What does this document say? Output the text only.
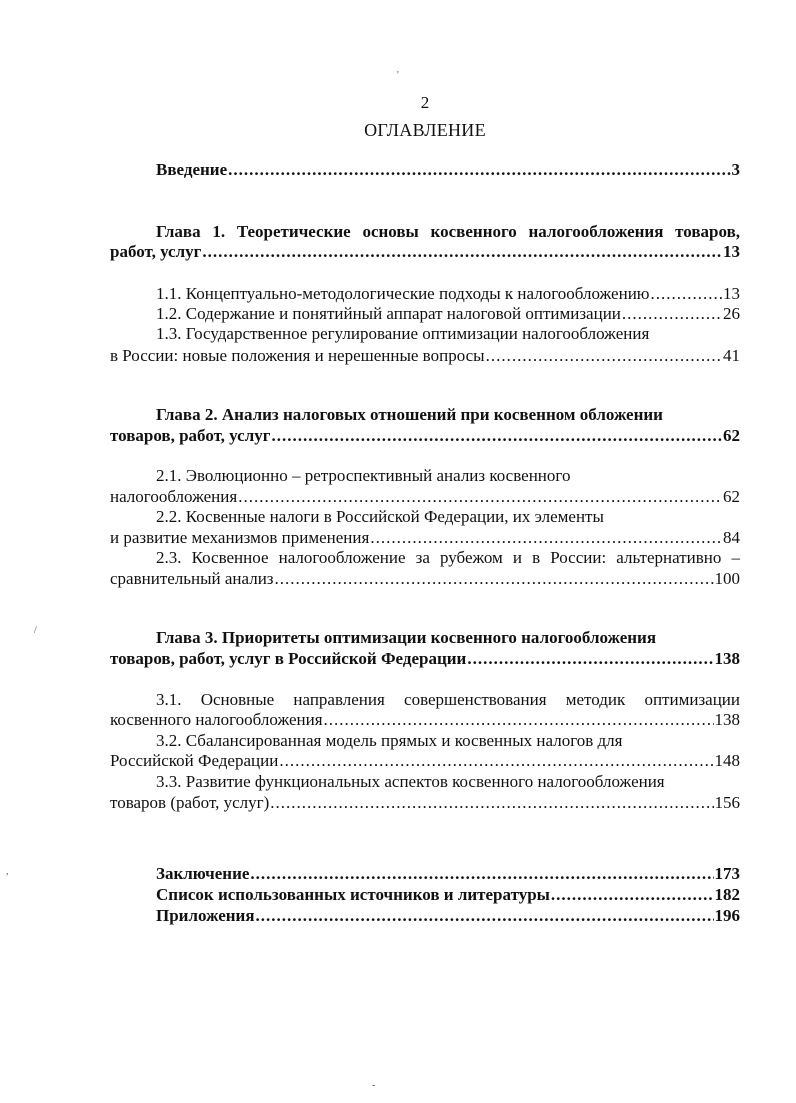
'
2
ОГЛАВЛЕНИЕ
Введение .....	3
Глава 1. Теоретические основы косвенного налогообложения товаров,
работ, услуг .....	13
1.1. Концептуально-методологические подходы к налогообложению .....	13
1.2. Содержание и понятийный аппарат налоговой оптимизации .....	26
1.3. Государственное регулирование оптимизации налогообложения
в России: новые положения и нерешенные вопросы .....	41
Глава 2. Анализ налоговых отношений при косвенном обложении
товаров, работ, услуг .....	62
2.1. Эволюционно – ретроспективный анализ косвенного
налогообложения .....	62
2.2. Косвенные налоги в Российской Федерации, их элементы
и развитие механизмов применения .....	84
2.3. Косвенное налогообложение за рубежом и в России: альтернативно –
сравнительный анализ .....	100
/	Глава 3. Приоритеты оптимизации косвенного налогообложения
товаров, работ, услуг в Российской Федерации .....	138
3.1. Основные направления совершенствования методик оптимизации
косвенного налогообложения .....	138
3.2. Сбалансированная модель прямых и косвенных налогов для
Российской Федерации .....	148
3.3. Развитие функциональных аспектов косвенного налогообложения
товаров (работ, услуг) .....	156
,	Заключение .....	173
Список использованных источников и литературы .....	182
Приложения .....	196
-
